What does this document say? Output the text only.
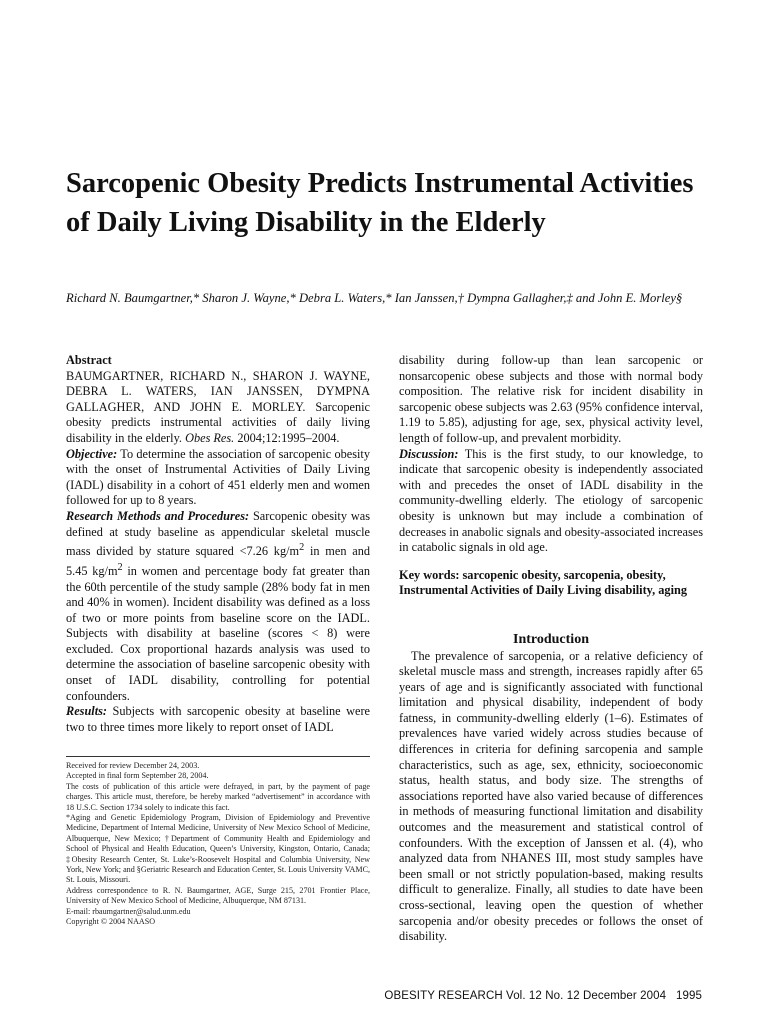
Sarcopenic Obesity Predicts Instrumental Activities of Daily Living Disability in the Elderly
Richard N. Baumgartner,* Sharon J. Wayne,* Debra L. Waters,* Ian Janssen,† Dympna Gallagher,‡ and John E. Morley§

Abstract

BAUMGARTNER, RICHARD N., SHARON J. WAYNE, DEBRA L. WATERS, IAN JANSSEN, DYMPNA GALLAGHER, AND JOHN E. MORLEY. Sarcopenic obesity predicts instrumental activities of daily living disability in the elderly. Obes Res. 2004;12:1995–2004.

Objective: To determine the association of sarcopenic obesity with the onset of Instrumental Activities of Daily Living (IADL) disability in a cohort of 451 elderly men and women followed for up to 8 years.

Research Methods and Procedures: Sarcopenic obesity was defined at study baseline as appendicular skeletal muscle mass divided by stature squared <7.26 $kg/m^2$ in men and 5.45 $kg/m^2$ in women and percentage body fat greater than the 60th percentile of the study sample (28% body fat in men and 40% in women). Incident disability was defined as a loss of two or more points from baseline score on the IADL. Subjects with disability at baseline (scores < 8) were excluded. Cox proportional hazards analysis was used to determine the association of baseline sarcopenic obesity with onset of IADL disability, controlling for potential confounders.

Results: Subjects with sarcopenic obesity at baseline were two to three times more likely to report onset of IADL

Received for review December 24, 2003.

Accepted in final form September 28, 2004.

The costs of publication of this article were defrayed, in part, by the payment of page charges. This article must, therefore, be hereby marked “advertisement” in accordance with 18 U.S.C. Section 1734 solely to indicate this fact.

*Aging and Genetic Epidemiology Program, Division of Epidemiology and Preventive Medicine, Department of Internal Medicine, University of New Mexico School of Medicine, Albuquerque, New Mexico; †Department of Community Health and Epidemiology and School of Physical and Health Education, Queen’s University, Kingston, Ontario, Canada; ‡Obesity Research Center, St. Luke’s-Roosevelt Hospital and Columbia University, New York, New York; and §Geriatric Research and Education Center, St. Louis University VAMC, St. Louis, Missouri.

Address correspondence to R. N. Baumgartner, AGE, Surge 215, 2701 Frontier Place, University of New Mexico School of Medicine, Albuquerque, NM 87131.

E-mail: rbaumgartner@salud.unm.edu

Copyright © 2004 NAASO

disability during follow-up than lean sarcopenic or nonsarcopenic obese subjects and those with normal body composition. The relative risk for incident disability in sarcopenic obese subjects was 2.63 (95% confidence interval, 1.19 to 5.85), adjusting for age, sex, physical activity level, length of follow-up, and prevalent morbidity.

Discussion: This is the first study, to our knowledge, to indicate that sarcopenic obesity is independently associated with and precedes the onset of IADL disability in the community-dwelling elderly. The etiology of sarcopenic obesity is unknown but may include a combination of decreases in anabolic signals and obesity-associated increases in catabolic signals in old age.

Key words: sarcopenic obesity, sarcopenia, obesity, Instrumental Activities of Daily Living disability, aging

Introduction

The prevalence of sarcopenia, or a relative deficiency of skeletal muscle mass and strength, increases rapidly after 65 years of age and is significantly associated with functional limitation and physical disability, independent of body fatness, in community-dwelling elderly (1–6). Estimates of prevalences have varied widely across studies because of differences in criteria for defining sarcopenia and sample characteristics, such as age, sex, ethnicity, socioeconomic status, health status, and body size. The strengths of associations reported have also varied because of differences in methods of measuring functional limitation and disability outcomes and the measurement and statistical control of confounders. With the exception of Janssen et al. (4), who analyzed data from NHANES III, most study samples have been small or not strictly population-based, making results difficult to generalize. Finally, all studies to date have been cross-sectional, leaving open the question of whether sarcopenia and/or obesity precedes or follows the onset of disability.

OBESITY RESEARCH Vol. 12 No. 12 December 2004 1995
